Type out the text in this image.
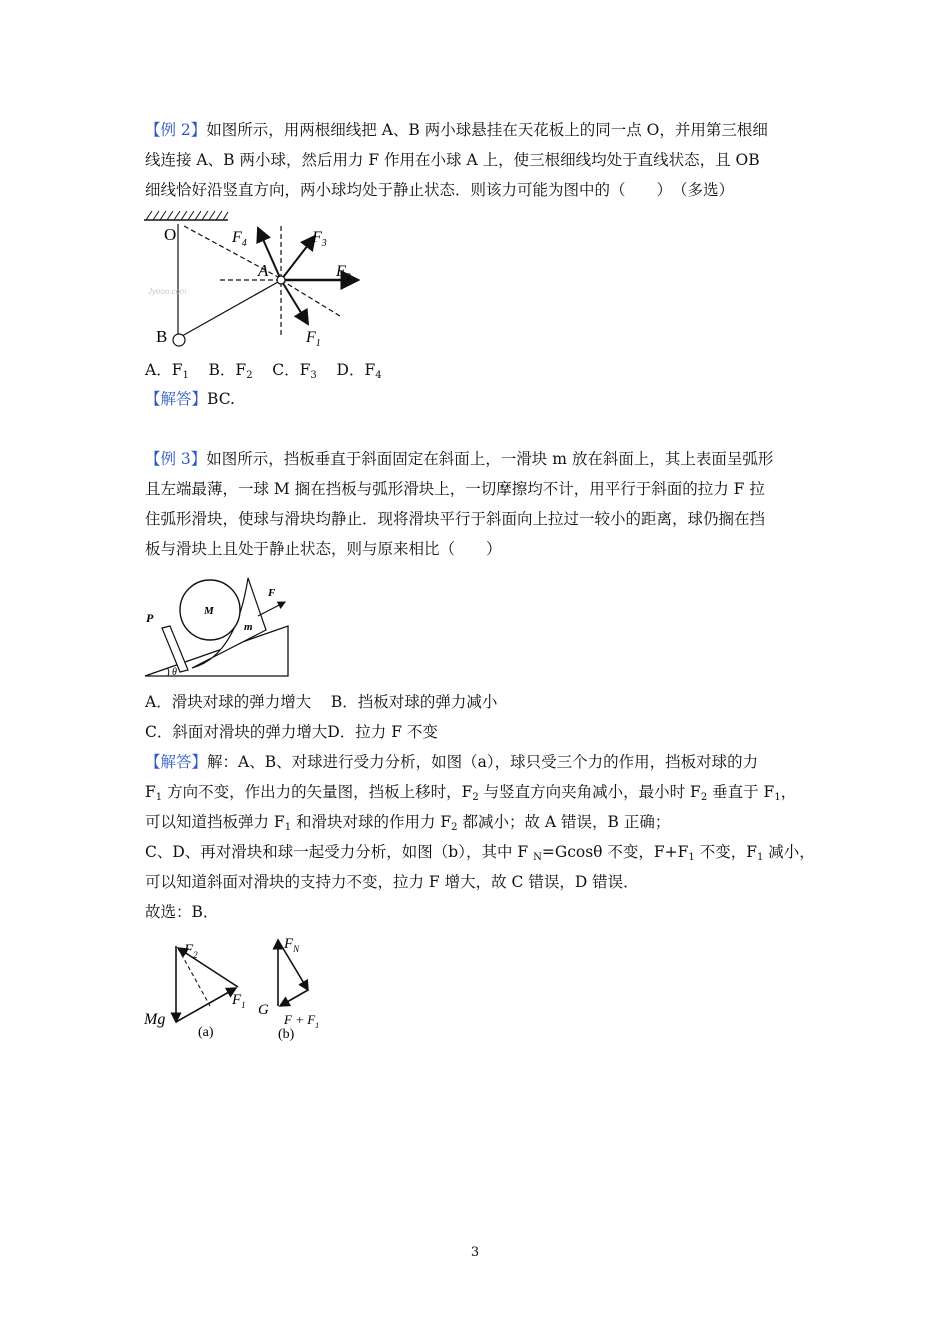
【例 2】如图所示，用两根细线把 A、B 两小球悬挂在天花板上的同一点 O，并用第三根细
线连接 A、B 两小球，然后用力 F 作用在小球 A 上，使三根细线均处于直线状态，且 OB
细线恰好沿竖直方向，两小球均处于静止状态．则该力可能为图中的（　　）　（多选）
O
A
B
$F_4$	$F_3$
$F_2$
$F_1$
Jyeoo.com
A．$F_1$ B．$F_2$ C．$F_3$ D．$F_4$
【解答】BC.
【例 3】如图所示，挡板垂直于斜面固定在斜面上，一滑块 m 放在斜面上，其上表面呈弧形
且左端最薄，一球 M 搁在挡板与弧形滑块上，一切摩擦均不计，用平行于斜面的拉力 F 拉
住弧形滑块，使球与滑块均静止．现将滑块平行于斜面向上拉过一较小的距离，球仍搁在挡
板与滑块上且处于静止状态，则与原来相比（　　）
P	M
m
F
θ
A．滑块对球的弹力增大 B．挡板对球的弹力减小
C．斜面对滑块的弹力增大D．拉力 F 不变
【解答】解：A、B、对球进行受力分析，如图（a），球只受三个力的作用，挡板对球的力
$F_1$ 方向不变，作出力的矢量图，挡板上移时，$F_2$ 与竖直方向夹角减小，最小时 $F_2$ 垂直于 $F_1$，
可以知道挡板弹力 $F_1$ 和滑块对球的作用力 $F_2$ 都减小；故 A 错误，B 正确；
C、D、再对滑块和球一起受力分析，如图（b），其中 F $_N$=Gcosθ 不变，$F+F_1$ 不变，$F_1$ 减小，
可以知道斜面对滑块的支持力不变，拉力 F 增大，故 C 错误，D 错误．
故选：B．
$F_2$
$F_1$
Mg
(a)
$F_N$
G
$F + F_1$
(b)
3
